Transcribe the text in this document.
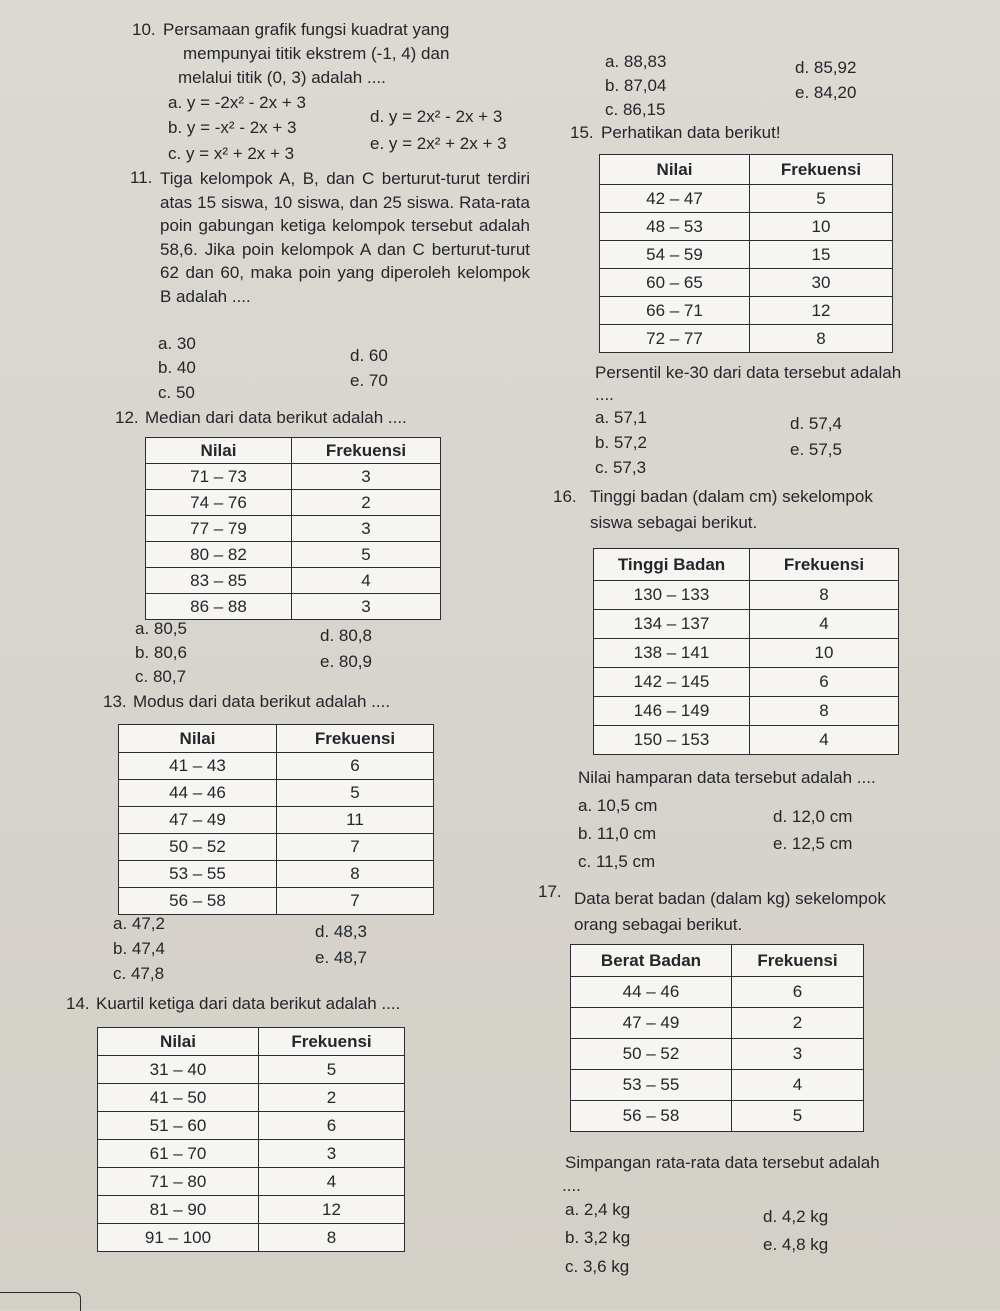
10. Persamaan grafik fungsi kuadrat yang
mempunyai titik ekstrem (-1, 4) dan
melalui titik (0, 3) adalah ....
a. y = -2x² - 2x + 3
d. y = 2x² - 2x + 3
b. y = -x² - 2x + 3
e. y = 2x² + 2x + 3
c. y = x² + 2x + 3
11. Tiga kelompok A, B, dan C berturut-turut terdiri atas 15 siswa, 10 siswa, dan 25 siswa. Rata-rata poin gabungan ketiga kelompok tersebut adalah 58,6. Jika poin kelompok A dan C berturut-turut 62 dan 60, maka poin yang diperoleh kelompok B adalah ....
a. 30
d. 60
b. 40
e. 70
c. 50
12. Median dari data berikut adalah ....
Nilai	Frekuensi
71 – 73	3
74 – 76	2
77 – 79	3
80 – 82	5
83 – 85	4
86 – 88	3
a. 80,5	d. 80,8
b. 80,6	e. 80,9
c. 80,7
13. Modus dari data berikut adalah ....
Nilai	Frekuensi
41 – 43	6
44 – 46	5
47 – 49	11
50 – 52	7
53 – 55	8
56 – 58	7
a. 47,2	d. 48,3
b. 47,4	e. 48,7
c. 47,8
14. Kuartil ketiga dari data berikut adalah ....
Nilai	Frekuensi
31 – 40	5
41 – 50	2
51 – 60	6
61 – 70	3
71 – 80	4
81 – 90	12
91 – 100	8
a. 88,83	d. 85,92
b. 87,04	e. 84,20
c. 86,15
15. Perhatikan data berikut!
Nilai	Frekuensi
42 – 47	5
48 – 53	10
54 – 59	15
60 – 65	30
66 – 71	12
72 – 77	8
Persentil ke-30 dari data tersebut adalah
....
a. 57,1	d. 57,4
b. 57,2	e. 57,5
c. 57,3
16. Tinggi badan (dalam cm) sekelompok
siswa sebagai berikut.
Tinggi Badan	Frekuensi
130 – 133	8
134 – 137	4
138 – 141	10
142 – 145	6
146 – 149	8
150 – 153	4
Nilai hamparan data tersebut adalah ....
a. 10,5 cm
d. 12,0 cm
b. 11,0 cm
e. 12,5 cm
c. 11,5 cm
17. Data berat badan (dalam kg) sekelompok
orang sebagai berikut.
Berat Badan	Frekuensi
44 – 46	6
47 – 49	2
50 – 52	3
53 – 55	4
56 – 58	5
Simpangan rata-rata data tersebut adalah
....
a. 2,4 kg	d. 4,2 kg
b. 3,2 kg	e. 4,8 kg
c. 3,6 kg
